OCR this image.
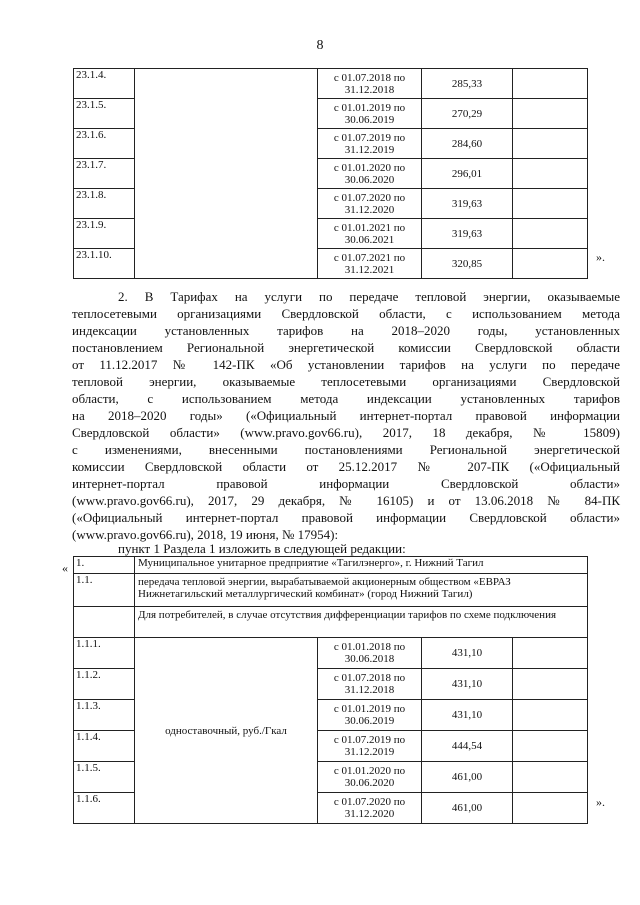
8
23.1.4.		с 01.07.2018 по
31.12.2018	285,33	
23.1.5.		с 01.01.2019 по
30.06.2019	270,29	
23.1.6.		с 01.07.2019 по
31.12.2019	284,60	
23.1.7.		с 01.01.2020 по
30.06.2020	296,01	
23.1.8.		с 01.07.2020 по
31.12.2020	319,63	
23.1.9.		с 01.01.2021 по
30.06.2021	319,63	
23.1.10.		с 01.07.2021 по
31.12.2021	320,85		».
2. В Тарифах на услуги по передаче тепловой энергии, оказываемые
теплосетевыми организациями Свердловской области, с использованием метода
индексации установленных тарифов на 2018–2020 годы, установленных
постановлением Региональной энергетической комиссии Свердловской области
от 11.12.2017 № 142-ПК «Об установлении тарифов на услуги по передаче
тепловой энергии, оказываемые теплосетевыми организациями Свердловской
области, с использованием метода индексации установленных тарифов
на 2018–2020 годы» («Официальный интернет-портал правовой информации
Свердловской области» (www.pravo.gov66.ru), 2017, 18 декабря, № 15809)
с изменениями, внесенными постановлениями Региональной энергетической
комиссии Свердловской области от 25.12.2017 № 207-ПК («Официальный
интернет-портал правовой информации Свердловской области»
(www.pravo.gov66.ru), 2017, 29 декабря, № 16105) и от 13.06.2018 № 84-ПК
(«Официальный интернет-портал правовой информации Свердловской области»
(www.pravo.gov66.ru), 2018, 19 июня, № 17954):
пункт 1 Раздела 1 изложить в следующей редакции:
« 1.	Муниципальное унитарное предприятие «Тагилэнерго», г. Нижний Тагил			
1.1.	передача тепловой энергии, вырабатываемой акционерным обществом «ЕВРАЗ Нижнетагильский металлургический комбинат» (город Нижний Тагил)			
	Для потребителей, в случае отсутствия дифференциации тарифов по схеме подключения			
1.1.1.	одноставочный, руб./Гкал	с 01.01.2018 по
30.06.2018	431,10	
1.1.2.		с 01.07.2018 по
31.12.2018	431,10	
1.1.3.		с 01.01.2019 по
30.06.2019	431,10	
1.1.4.		с 01.07.2019 по
31.12.2019	444,54	
1.1.5.		с 01.01.2020 по
30.06.2020	461,00	
1.1.6.		с 01.07.2020 по
31.12.2020	461,00		».
